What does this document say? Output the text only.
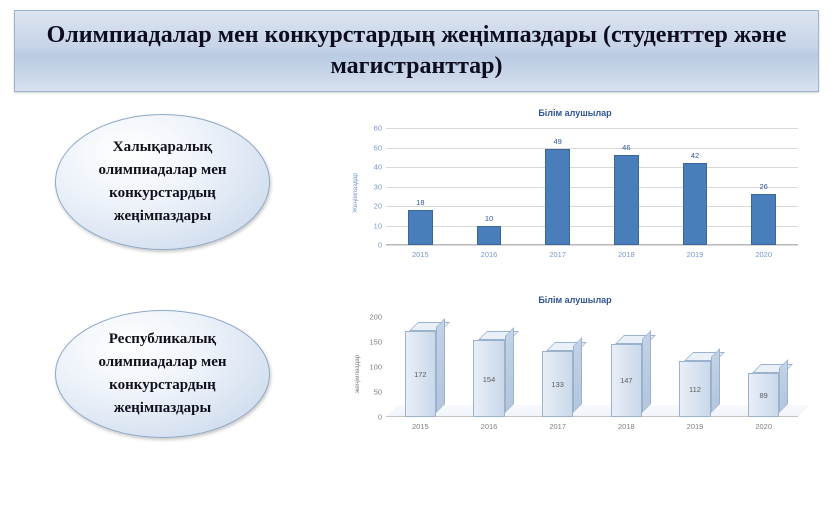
Олимпиадалар мен конкурстардың жеңімпаздары (студенттер және магистранттар)
Халықаралық олимпиадалар мен конкурстардың жеңімпаздары
Республикалық олимпиадалар мен конкурстардың жеңімпаздары
Білім алушылар
0
10
20
30
40
50
60
18
2015
10
2016
49
2017
46
2018
42
2019
26
2020
Жеңімпаздар
Білім алушылар
0
50
100
150
200
172
2015
154
2016
133
2017
147
2018
112
2019
89
2020
жеңімпаздар
